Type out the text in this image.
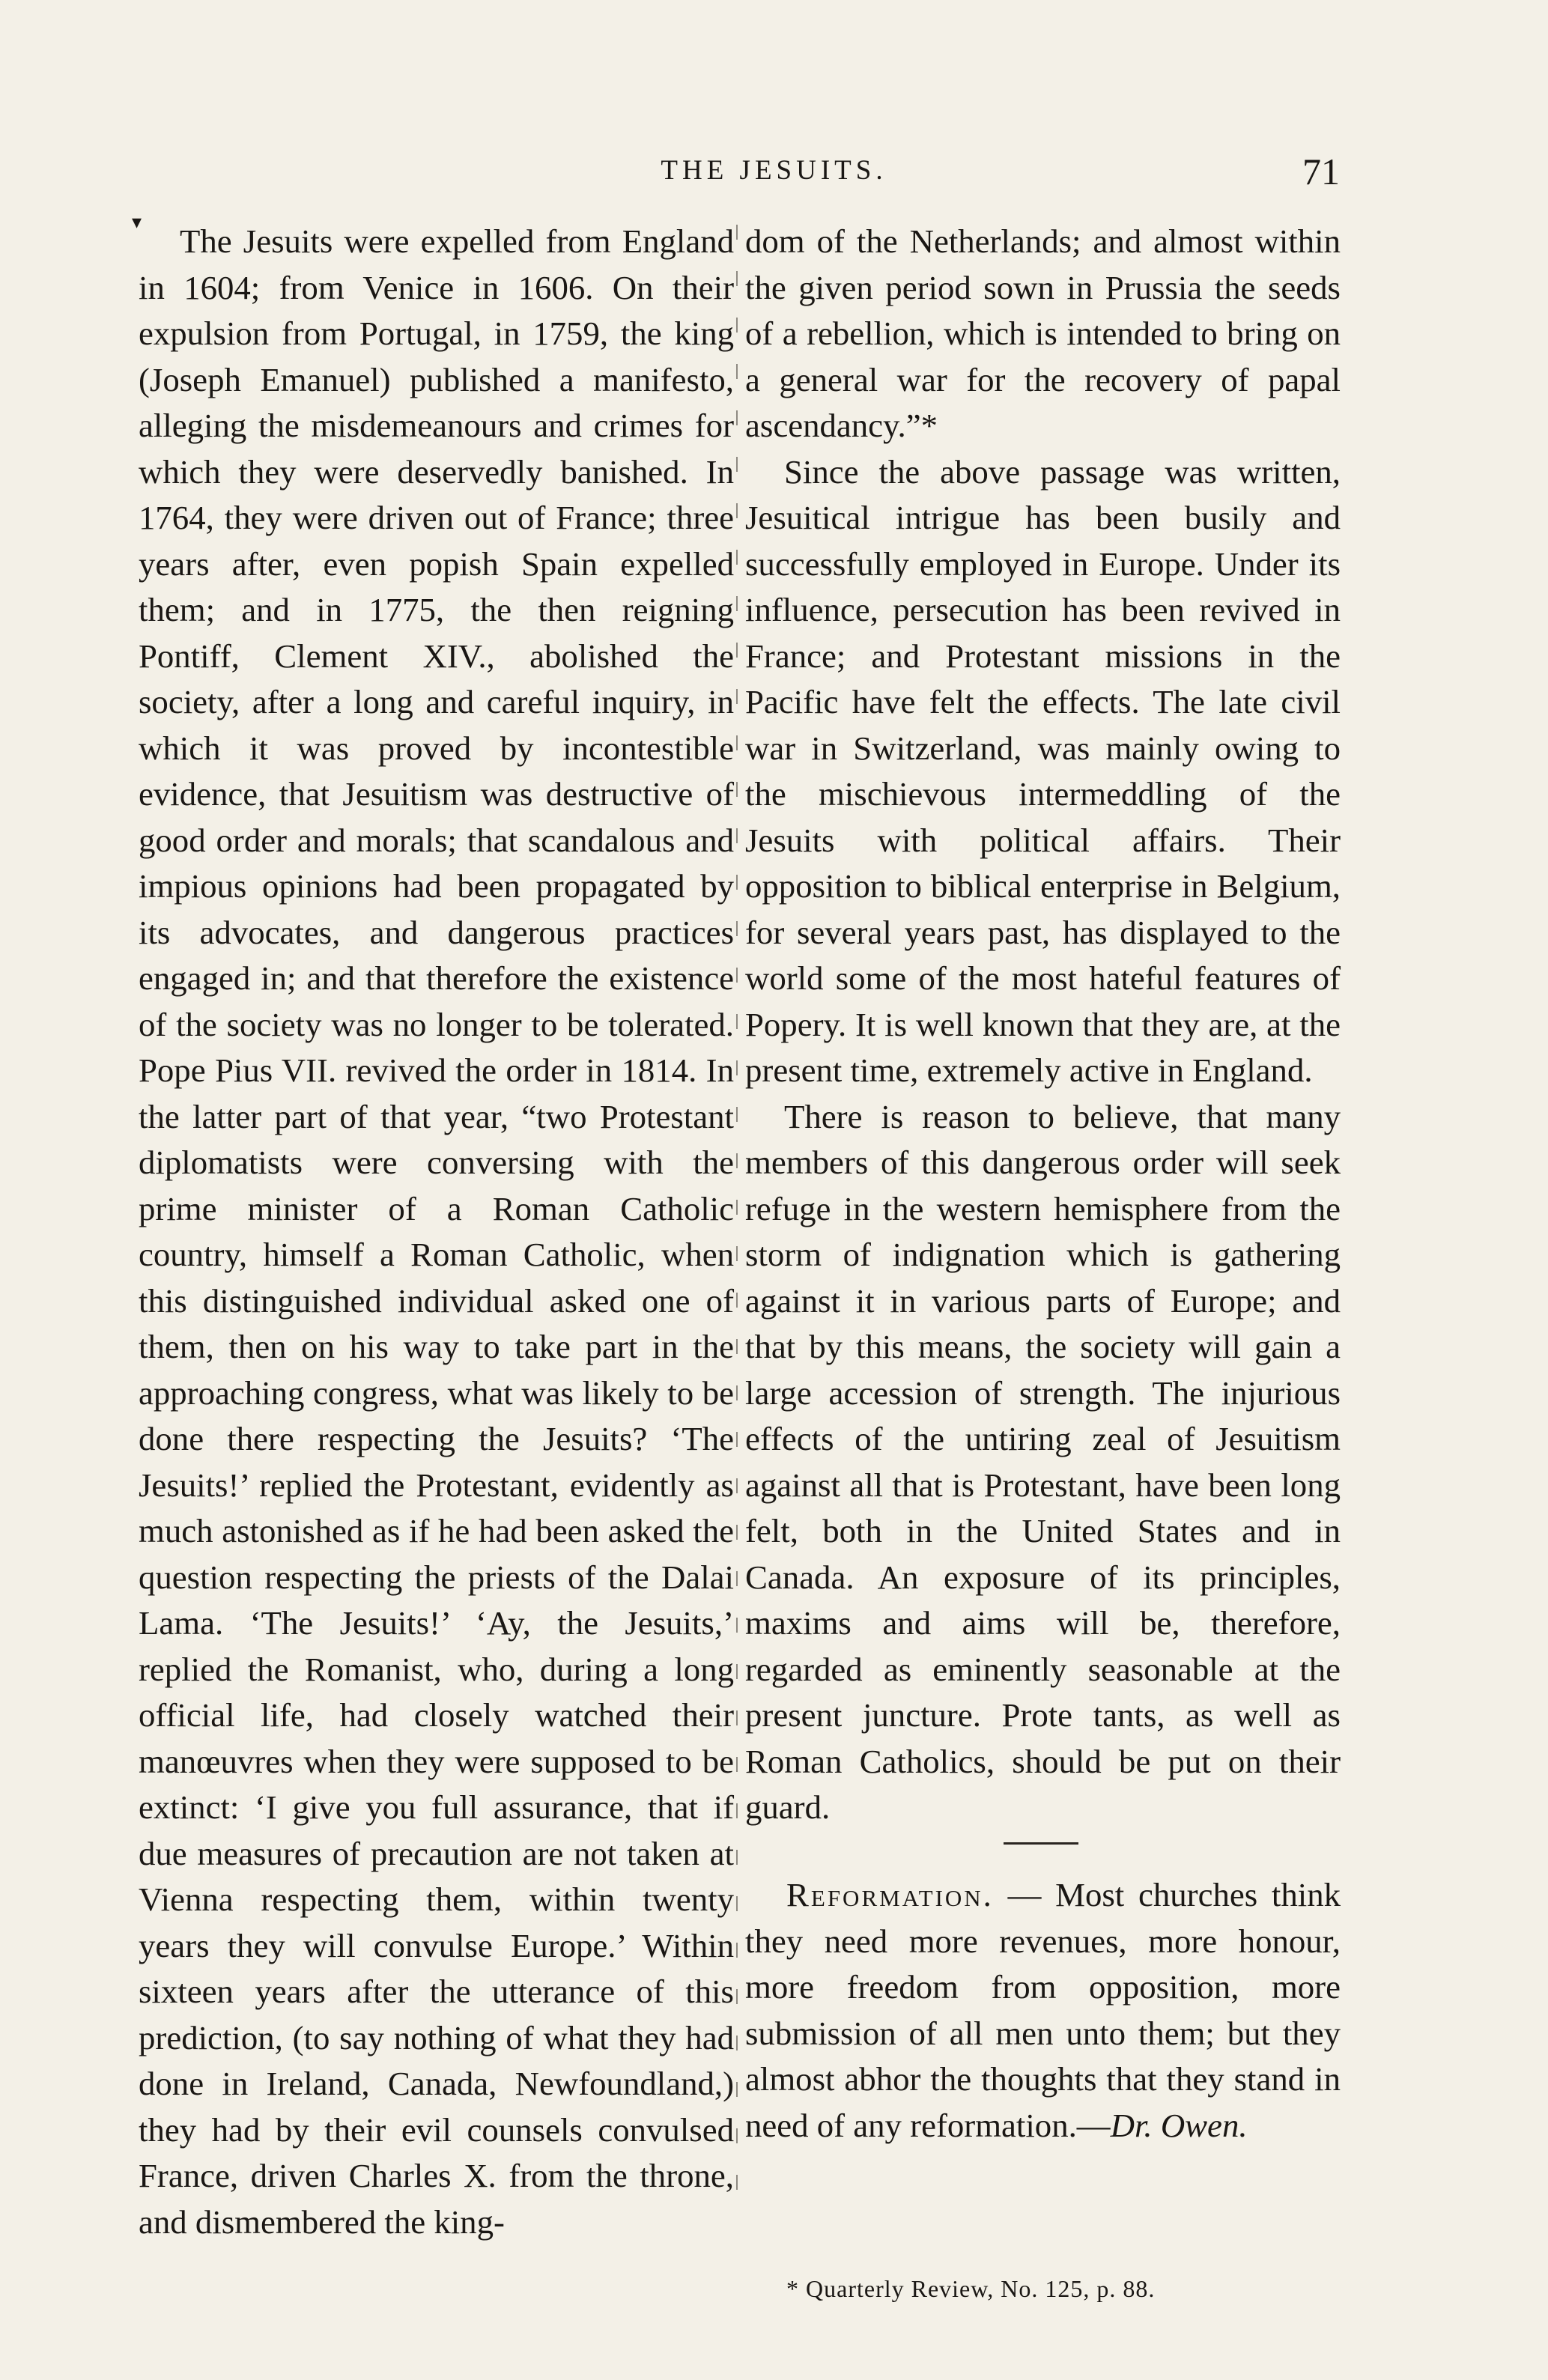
THE JESUITS.	71
▾

The Jesuits were expelled from England in 1604; from Venice in 1606. On their expulsion from Portugal, in 1759, the king (Joseph Emanuel) published a manifesto, alleging the misdemeanours and crimes for which they were deservedly banished. In 1764, they were driven out of France; three years after, even popish Spain expelled them; and in 1775, the then reigning Pontiff, Clement XIV., abolished the society, after a long and careful inquiry, in which it was proved by incontestible evidence, that Jesuitism was destructive of good order and morals; that scandalous and impious opinions had been propagated by its advocates, and dangerous practices engaged in; and that therefore the existence of the society was no longer to be tolerated. Pope Pius VII. revived the order in 1814. In the latter part of that year, “two Protestant diplomatists were conversing with the prime minister of a Roman Catholic country, himself a Roman Catholic, when this distinguished individual asked one of them, then on his way to take part in the approaching congress, what was likely to be done there respecting the Jesuits? ‘The Jesuits!’ replied the Protestant, evidently as much astonished as if he had been asked the question respecting the priests of the Dalai Lama. ‘The Jesuits!’ ‘Ay, the Jesuits,’ replied the Romanist, who, during a long official life, had closely watched their manœuvres when they were supposed to be extinct: ‘I give you full assurance, that if due measures of precaution are not taken at Vienna respecting them, within twenty years they will convulse Europe.’ Within sixteen years after the utterance of this prediction, (to say nothing of what they had done in Ireland, Canada, Newfoundland,) they had by their evil counsels convulsed France, driven Charles X. from the throne, and dismembered the king-

dom of the Netherlands; and almost within the given period sown in Prussia the seeds of a rebellion, which is intended to bring on a general war for the recovery of papal ascendancy.”*

Since the above passage was written, Jesuitical intrigue has been busily and successfully employed in Europe. Under its influence, persecution has been revived in France; and Protestant missions in the Pacific have felt the effects. The late civil war in Switzerland, was mainly owing to the mischievous intermeddling of the Jesuits with political affairs. Their opposition to biblical enterprise in Belgium, for several years past, has displayed to the world some of the most hateful features of Popery. It is well known that they are, at the present time, extremely active in England.

There is reason to believe, that many members of this dangerous order will seek refuge in the western hemisphere from the storm of indignation which is gathering against it in various parts of Europe; and that by this means, the society will gain a large accession of strength. The injurious effects of the untiring zeal of Jesuitism against all that is Protestant, have been long felt, both in the United States and in Canada. An exposure of its principles, maxims and aims will be, therefore, regarded as eminently seasonable at the present juncture. Prote tants, as well as Roman Catholics, should be put on their guard.

Reformation. — Most churches think they need more revenues, more honour, more freedom from opposition, more submission of all men unto them; but they almost abhor the thoughts that they stand in need of any reformation.—Dr. Owen.

* Quarterly Review, No. 125, p. 88.
